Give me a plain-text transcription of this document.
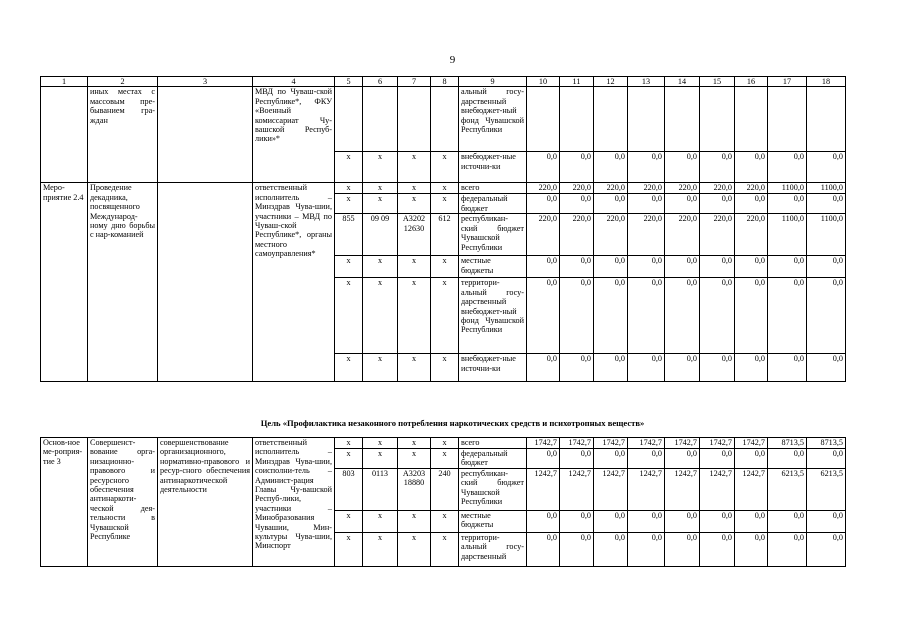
9
1	2	3	4	5	6	7	8	9	10	11	12	13	14	15	16	17	18
	иных местах с массовым пре-быванием гра-ждан		МВД по Чуваш-ской Республике*, ФКУ «Военный комиссариат Чу-вашской Респуб-лики»*					альный госу-дарственный внебюджет-ный фонд Чувашской Республики									
				x	x	x	x	внебюджет-ные источни-ки	0,0	0,0	0,0	0,0	0,0	0,0	0,0	0,0	0,0
Меро-приятие 2.4	Проведение декадника, посвященного Международ-ному дню борьбы с нар-команией		ответственный исполнитель – Минздрав Чува-шии, участники – МВД по Чуваш-ской Республике*, органы местного самоуправления*	x	x	x	x	всего	220,0	220,0	220,0	220,0	220,0	220,0	220,0	1100,0	1100,0
				x	x	x	x	федеральный бюджет	0,0	0,0	0,0	0,0	0,0	0,0	0,0	0,0	0,0
				855	09 09	А3202 12630	612	республикан-ский бюджет Чувашской Республики	220,0	220,0	220,0	220,0	220,0	220,0	220,0	1100,0	1100,0
				x	x	x	x	местные бюджеты	0,0	0,0	0,0	0,0	0,0	0,0	0,0	0,0	0,0
				x	x	x	x	территори-альный госу-дарственный внебюджет-ный фонд Чувашской Республики	0,0	0,0	0,0	0,0	0,0	0,0	0,0	0,0	0,0
				x	x	x	x	внебюджет-ные источни-ки	0,0	0,0	0,0	0,0	0,0	0,0	0,0	0,0	0,0
Цель «Профилактика незаконного потребления наркотических средств и психотропных веществ»
Основ-ное ме-роприя-тие 3	Совершенст-вование орга-низационно-правового и ресурсного обеспечения антинаркоти-ческой дея-тельности в Чувашской Республике	совершенствование организационного, нормативно-правового и ресур-сного обеспечения антинаркотической деятельности	ответственный исполнитель – Минздрав Чува-шии, соисполни-тель – Админист-рация Главы Чу-вашской Респуб-лики, участники – Минобразования Чувашии, Мин-культуры Чува-шии, Минспорт	x	x	x	x	всего	1742,7	1742,7	1742,7	1742,7	1742,7	1742,7	1742,7	8713,5	8713,5
				x	x	x	x	федеральный бюджет	0,0	0,0	0,0	0,0	0,0	0,0	0,0	0,0	0,0
				803	0113	А3203 18880	240	республикан-ский бюджет Чувашской Республики	1242,7	1242,7	1242,7	1242,7	1242,7	1242,7	1242,7	6213,5	6213,5
				x	x	x	x	местные бюджеты	0,0	0,0	0,0	0,0	0,0	0,0	0,0	0,0	0,0
				x	x	x	x	территори-альный госу-дарственный	0,0	0,0	0,0	0,0	0,0	0,0	0,0	0,0	0,0
